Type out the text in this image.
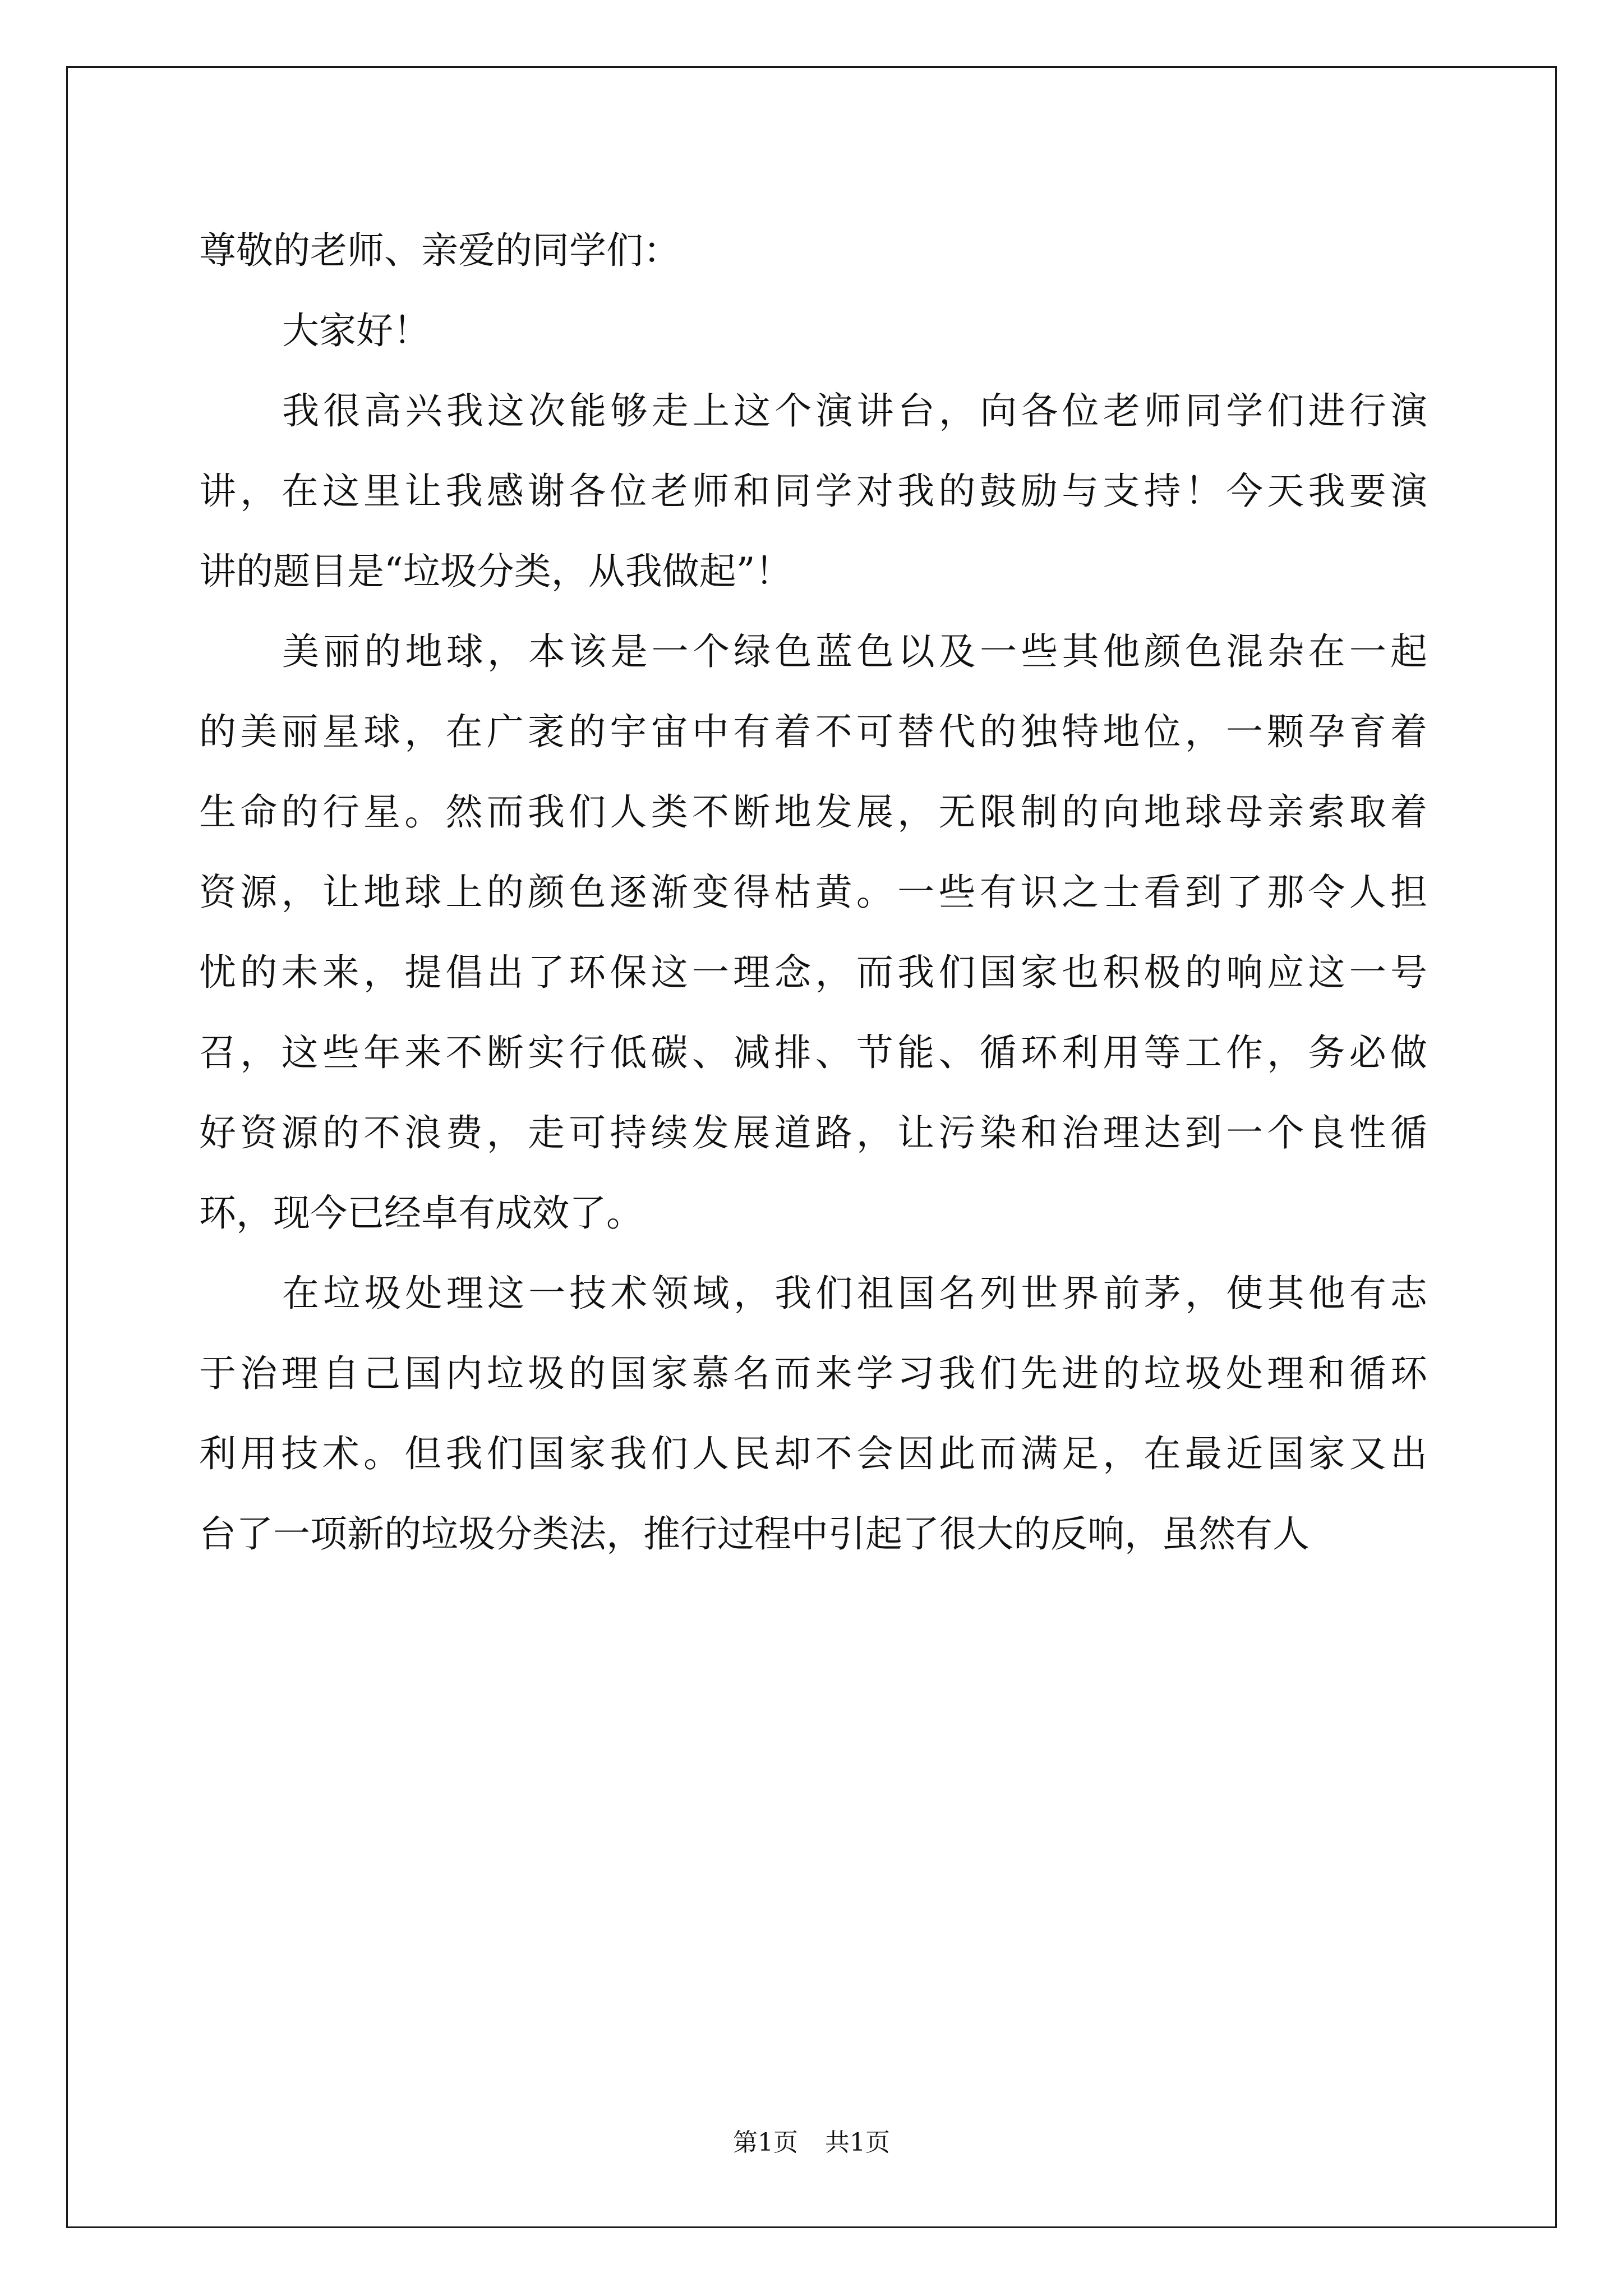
尊敬的老师、亲爱的同学们：
大家好！
我很高兴我这次能够走上这个演讲台，向各位老师同学们进行演
讲，在这里让我感谢各位老师和同学对我的鼓励与支持！今天我要演
讲的题目是“垃圾分类，从我做起”！
美丽的地球，本该是一个绿色蓝色以及一些其他颜色混杂在一起
的美丽星球，在广袤的宇宙中有着不可替代的独特地位，一颗孕育着
生命的行星。然而我们人类不断地发展，无限制的向地球母亲索取着
资源，让地球上的颜色逐渐变得枯黄。一些有识之士看到了那令人担
忧的未来，提倡出了环保这一理念，而我们国家也积极的响应这一号
召，这些年来不断实行低碳、减排、节能、循环利用等工作，务必做
好资源的不浪费，走可持续发展道路，让污染和治理达到一个良性循
环，现今已经卓有成效了。
在垃圾处理这一技术领域，我们祖国名列世界前茅，使其他有志
于治理自己国内垃圾的国家慕名而来学习我们先进的垃圾处理和循环
利用技术。但我们国家我们人民却不会因此而满足，在最近国家又出
台了一项新的垃圾分类法，推行过程中引起了很大的反响，虽然有人
第1页 共1页
